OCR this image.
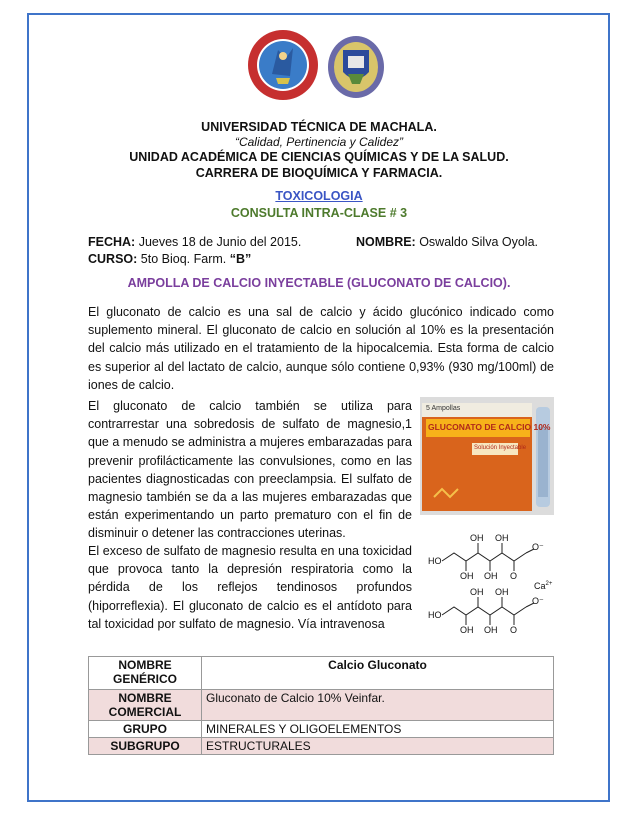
UNIVERSIDAD TÉCNICA DE MACHALA.
“Calidad, Pertinencia y Calidez”
UNIDAD ACADÉMICA DE CIENCIAS QUÍMICAS Y DE LA SALUD.
CARRERA DE BIOQUÍMICA Y FARMACIA.
TOXICOLOGIA
CONSULTA INTRA-CLASE # 3
FECHA: Jueves 18 de Junio del 2015.	NOMBRE: Oswaldo Silva Oyola.
CURSO: 5to Bioq. Farm. “B”
AMPOLLA DE CALCIO INYECTABLE (GLUCONATO DE CALCIO).
El gluconato de calcio es una sal de calcio y ácido glucónico indicado como suplemento mineral. El gluconato de calcio en solución al 10% es la presentación del calcio más utilizado en el tratamiento de la hipocalcemia. Esta forma de calcio es superior al del lactato de calcio, aunque sólo contiene 0,93% (930 mg/100ml) de iones de calcio.
El gluconato de calcio también se utiliza para contrarrestar una sobredosis de sulfato de magnesio,1 que a menudo se administra a mujeres embarazadas para prevenir profilácticamente las convulsiones, como en las pacientes diagnosticadas con preeclampsia. El sulfato de magnesio también se da a las mujeres embarazadas que están experimentando un parto prematuro con el fin de disminuir o detener las contracciones uterinas.
El exceso de sulfato de magnesio resulta en una toxicidad que provoca tanto la depresión respiratoria como la pérdida de los reflejos tendinosos profundos (hiporreflexia). El gluconato de calcio es el antídoto para tal toxicidad por sulfato de magnesio. Vía intravenosa
5 Ampollas
GLUCONATO DE CALCIO 10%
Solución Inyectable
OH OH
HO
O⁻
OH OH O
$Ca^{2+}$
OH OH
HO
O⁻
OH OH O
NOMBRE GENÉRICO	Calcio Gluconato
NOMBRE COMERCIAL	Gluconato de Calcio 10% Veinfar.
GRUPO	MINERALES Y OLIGOELEMENTOS
SUBGRUPO	ESTRUCTURALES
